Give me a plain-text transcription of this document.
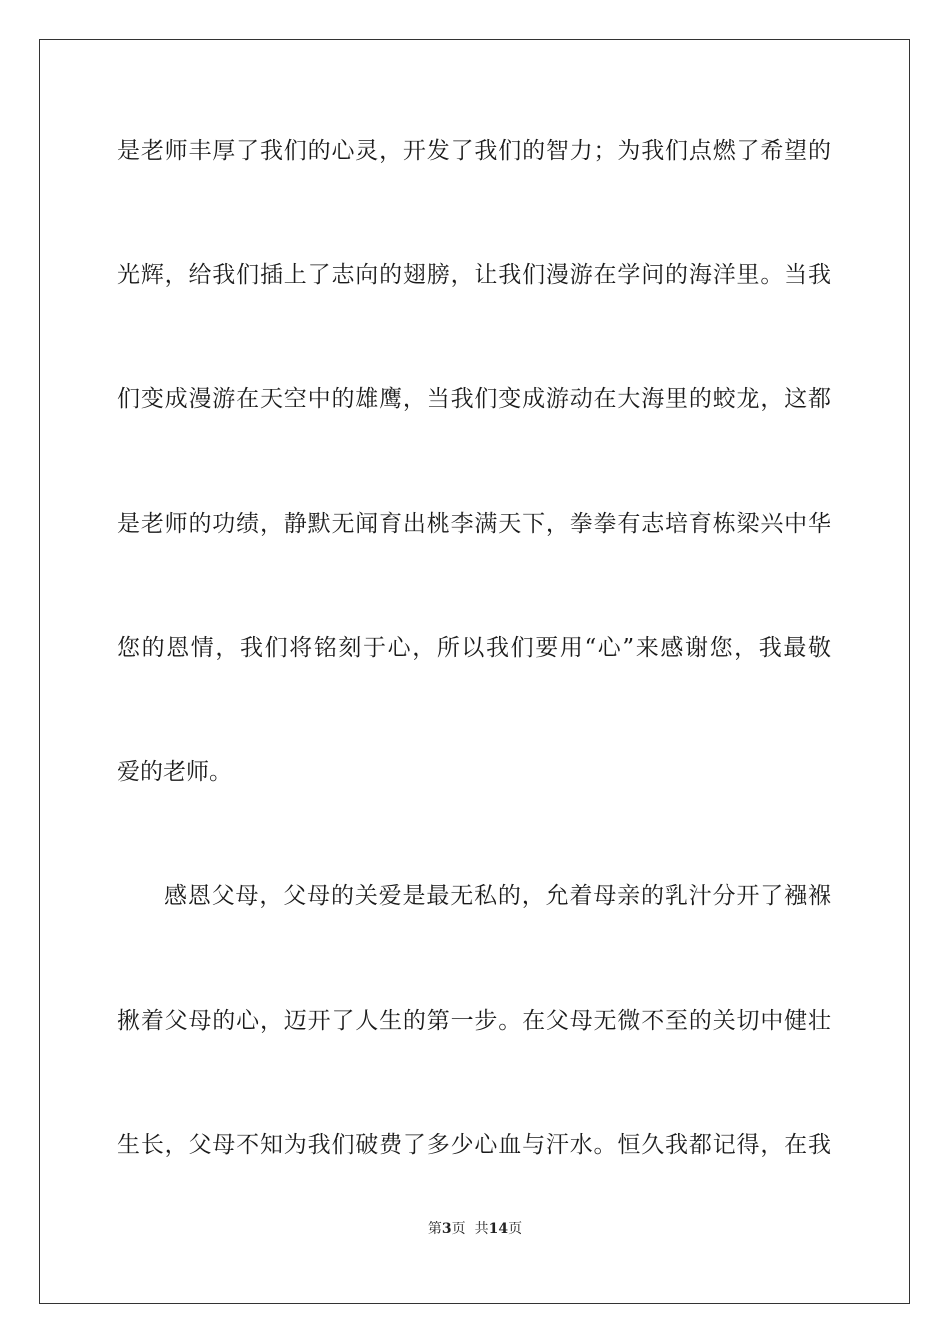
是老师丰厚了我们的心灵，开发了我们的智力；为我们点燃了希望的
光辉，给我们插上了志向的翅膀，让我们漫游在学问的海洋里。当我
们变成漫游在天空中的雄鹰，当我们变成游动在大海里的蛟龙，这都
是老师的功绩，静默无闻育出桃李满天下，拳拳有志培育栋梁兴中华
您的恩情，我们将铭刻于心，所以我们要用“心”来感谢您，我最敬
爱的老师。
感恩父母，父母的关爱是最无私的，允着母亲的乳汁分开了襁褓
揪着父母的心，迈开了人生的第一步。在父母无微不至的关切中健壮
生长，父母不知为我们破费了多少心血与汗水。恒久我都记得，在我
第3页  共14页
